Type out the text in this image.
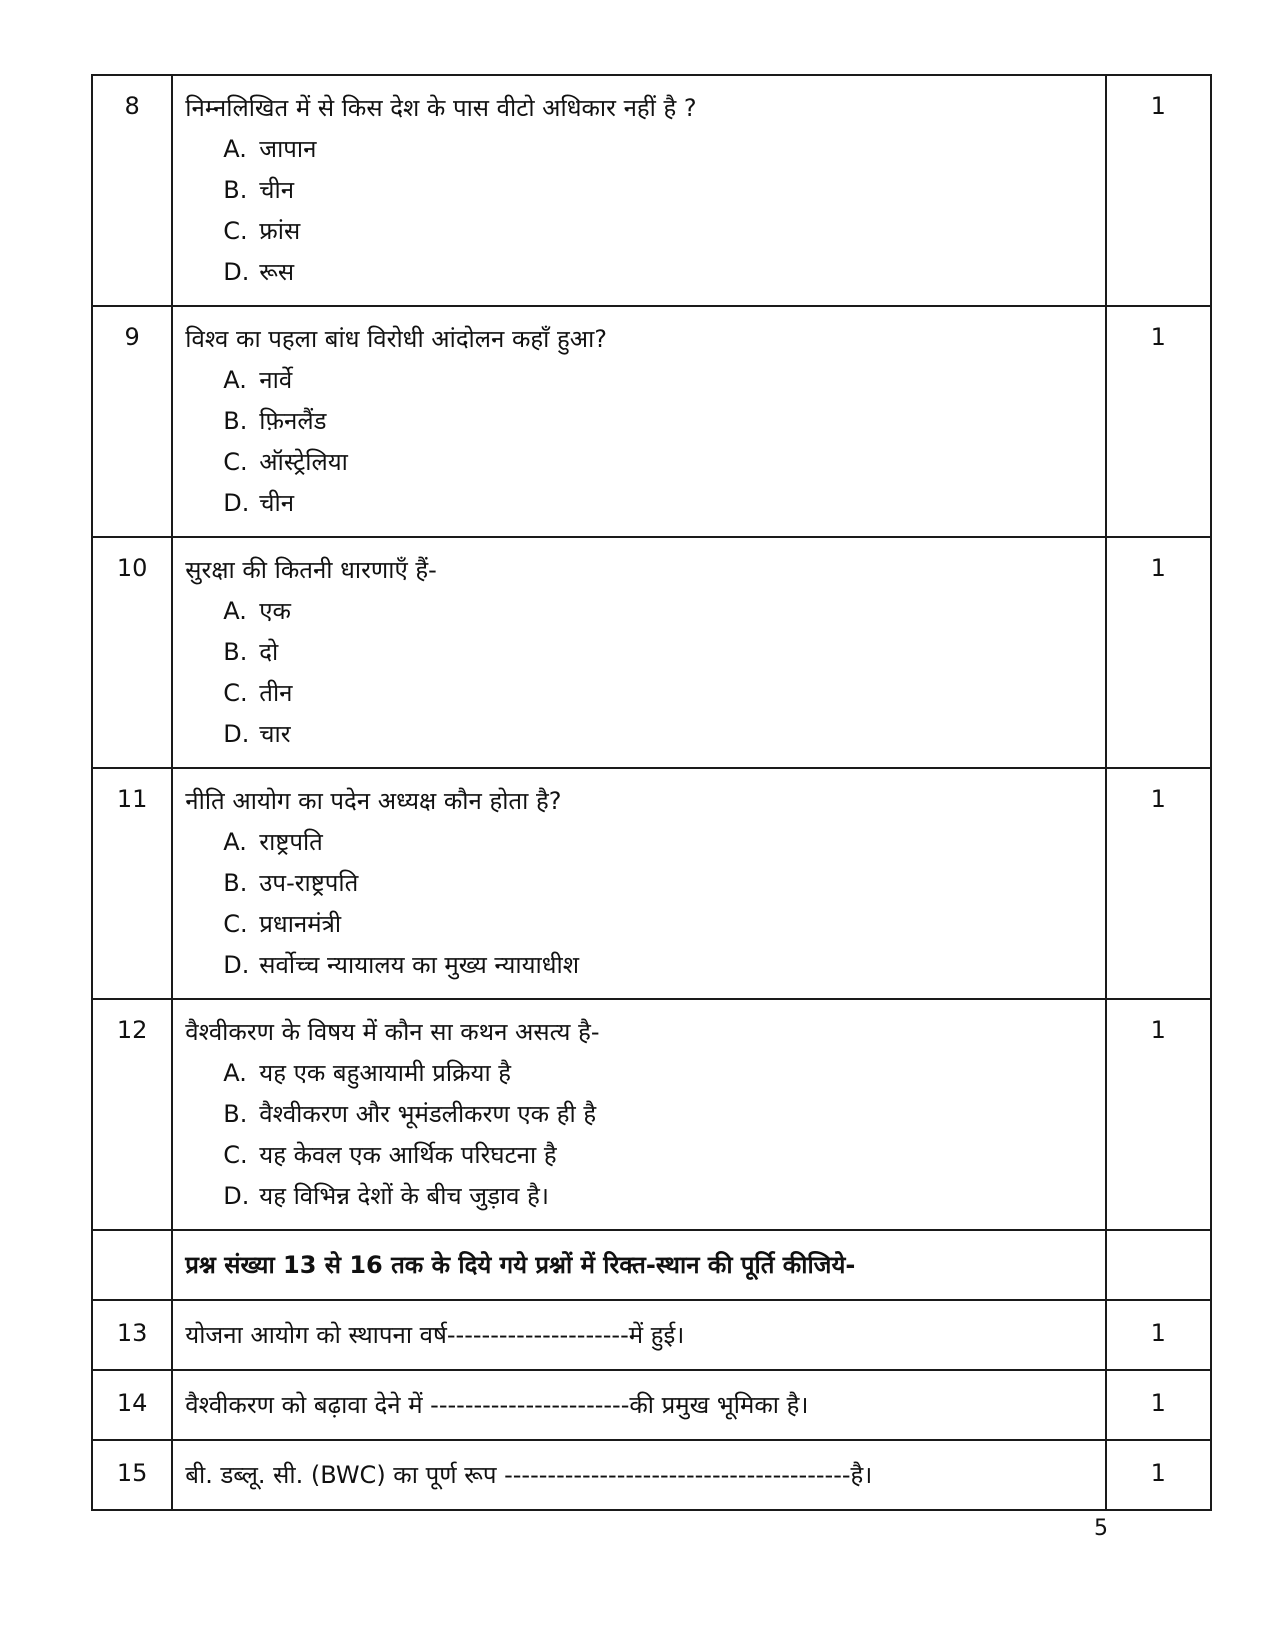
8	निम्नलिखित में से किस देश के पास वीटो अधिकार नहीं है ?
A. जापान
B. चीन
C. फ्रांस
D. रूस	1
9	विश्व का पहला बांध विरोधी आंदोलन कहाँ हुआ?
A. नार्वे
B. फ़िनलैंड
C. ऑस्ट्रेलिया
D. चीन	1
10	सुरक्षा की कितनी धारणाएँ हैं-
A. एक
B. दो
C. तीन
D. चार	1
11	नीति आयोग का पदेन अध्यक्ष कौन होता है?
A. राष्ट्रपति
B. उप-राष्ट्रपति
C. प्रधानमंत्री
D. सर्वोच्च न्यायालय का मुख्य न्यायाधीश	1
12	वैश्वीकरण के विषय में कौन सा कथन असत्य है-
A. यह एक बहुआयामी प्रक्रिया है
B. वैश्वीकरण और भूमंडलीकरण एक ही है
C. यह केवल एक आर्थिक परिघटना है
D. यह विभिन्न देशों के बीच जुड़ाव है।	1

	प्रश्न संख्या 13 से 16 तक के दिये गये प्रश्नों में रिक्त-स्थान की पूर्ति कीजिये-	

13	योजना आयोग को स्थापना वर्ष---------------------में हुई।	1
14	वैश्वीकरण को बढ़ावा देने में -----------------------की प्रमुख भूमिका है।	1
15	बी. डब्लू. सी. (BWC) का पूर्ण रूप ----------------------------------------है।	1
5
